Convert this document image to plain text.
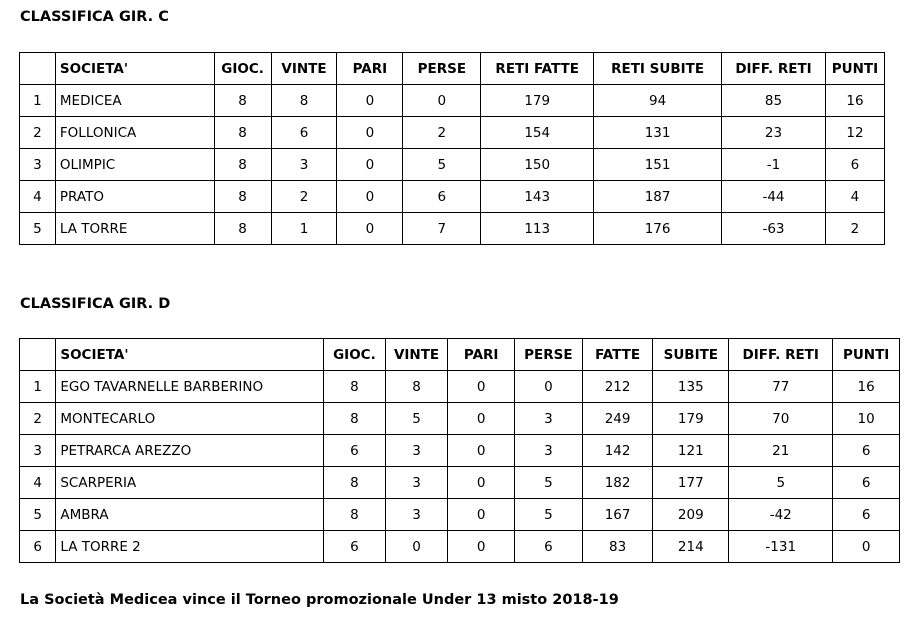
CLASSIFICA GIR. C
	SOCIETA'	GIOC.	VINTE	PARI	PERSE	RETI FATTE	RETI SUBITE	DIFF. RETI	PUNTI
1	MEDICEA	8	8	0	0	179	94	85	16
2	FOLLONICA	8	6	0	2	154	131	23	12
3	OLIMPIC	8	3	0	5	150	151	-1	6
4	PRATO	8	2	0	6	143	187	-44	4
5	LA TORRE	8	1	0	7	113	176	-63	2
CLASSIFICA GIR. D
	SOCIETA'	GIOC.	VINTE	PARI	PERSE	FATTE	SUBITE	DIFF. RETI	PUNTI
1	EGO TAVARNELLE BARBERINO	8	8	0	0	212	135	77	16
2	MONTECARLO	8	5	0	3	249	179	70	10
3	PETRARCA AREZZO	6	3	0	3	142	121	21	6
4	SCARPERIA	8	3	0	5	182	177	5	6
5	AMBRA	8	3	0	5	167	209	-42	6
6	LA TORRE 2	6	0	0	6	83	214	-131	0

La Società Medicea vince il Torneo promozionale Under 13 misto 2018-19
